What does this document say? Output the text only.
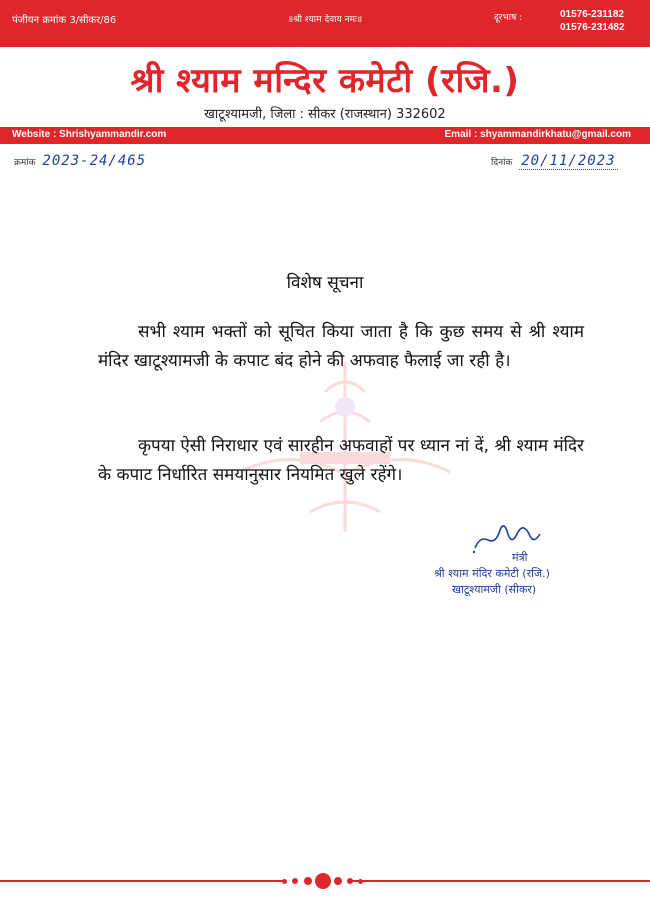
पंजीयन क्रमांक 3/सीकर/86	॥श्री श्याम देवाय नमः॥	दूरभाष :	01576-231182
01576-231482
श्री श्याम मन्दिर कमेटी (रजि.)
खाटूश्यामजी, जिला : सीकर (राजस्थान) 332602
Website : Shrishyammandir.com	Email : shyammandirkhatu@gmail.com
क्रमांक 2023-24/465	दिनांक 20/11/2023
विशेष सूचना
सभी श्याम भक्तों को सूचित किया जाता है कि कुछ समय से श्री श्याम मंदिर खाटूश्यामजी के कपाट बंद होने की अफवाह फैलाई जा रही है।
कृपया ऐसी निराधार एवं सारहीन अफवाहों पर ध्यान नां दें, श्री श्याम मंदिर के कपाट निर्धारित समयानुसार नियमित खुले रहेंगे।
मंत्री
श्री श्याम मंदिर कमेटी (रजि.)
खाटूश्यामजी (सीकर)
